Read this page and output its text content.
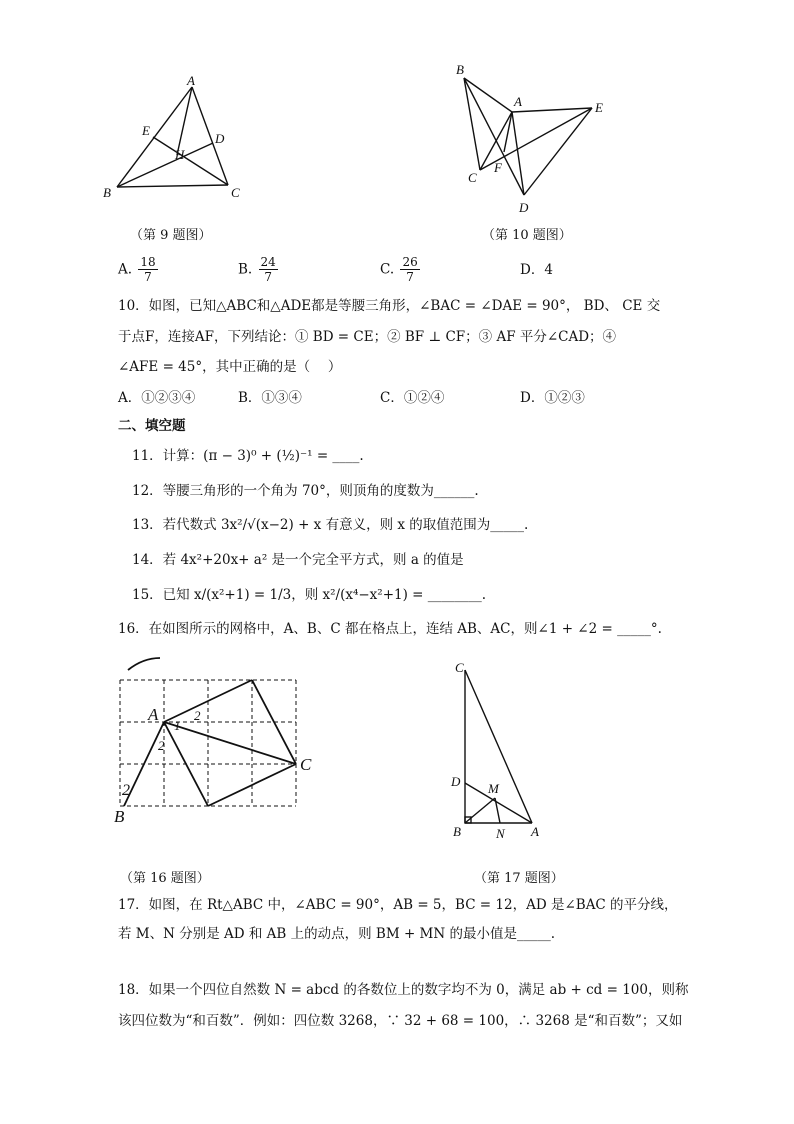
A
B	C
D
E
H
（第 9 题图）
B
A	E
C
F
D
（第 10 题图）
A. $\frac{18}{7}$	B. $\frac{24}{7}$	C. $\frac{26}{7}$	D．4
10．如图，已知△ABC和△ADE都是等腰三角形，∠BAC = ∠DAE = 90°， BD、 CE 交
于点F，连接AF，下列结论：① BD = CE；② BF ⊥ CF；③ AF 平分∠CAD；④
∠AFE = 45°，其中正确的是（　 ）
A．①②③④	B．①③④	C．①②④	D．①②③
二、填空题
11．计算：(π − 3)⁰ + (½)⁻¹ = ____.
12．等腰三角形的一个角为 70°，则顶角的度数为______.
13．若代数式 3x²/√(x−2) + x 有意义，则 x 的取值范围为_____.
14．若 4x²+20x+ a² 是一个完全平方式，则 a 的值是
15．已知 x/(x²+1) = 1/3，则 x²/(x⁴−x²+1) = ________.
16．在如图所示的网格中，A、B、C 都在格点上，连结 AB、AC，则∠1 + ∠2 = _____°.
A
B
C
1
2
2
2
（第 16 题图）
C
D M
B	N A
（第 17 题图）
17．如图，在 Rt△ABC 中，∠ABC = 90°，AB = 5，BC = 12，AD 是∠BAC 的平分线，
若 M、N 分别是 AD 和 AB 上的动点，则 BM + MN 的最小值是_____.
18．如果一个四位自然数 N = abcd 的各数位上的数字均不为 0，满足 ab + cd = 100，则称
该四位数为“和百数”．例如：四位数 3268，∵ 32 + 68 = 100，∴ 3268 是“和百数”；又如
